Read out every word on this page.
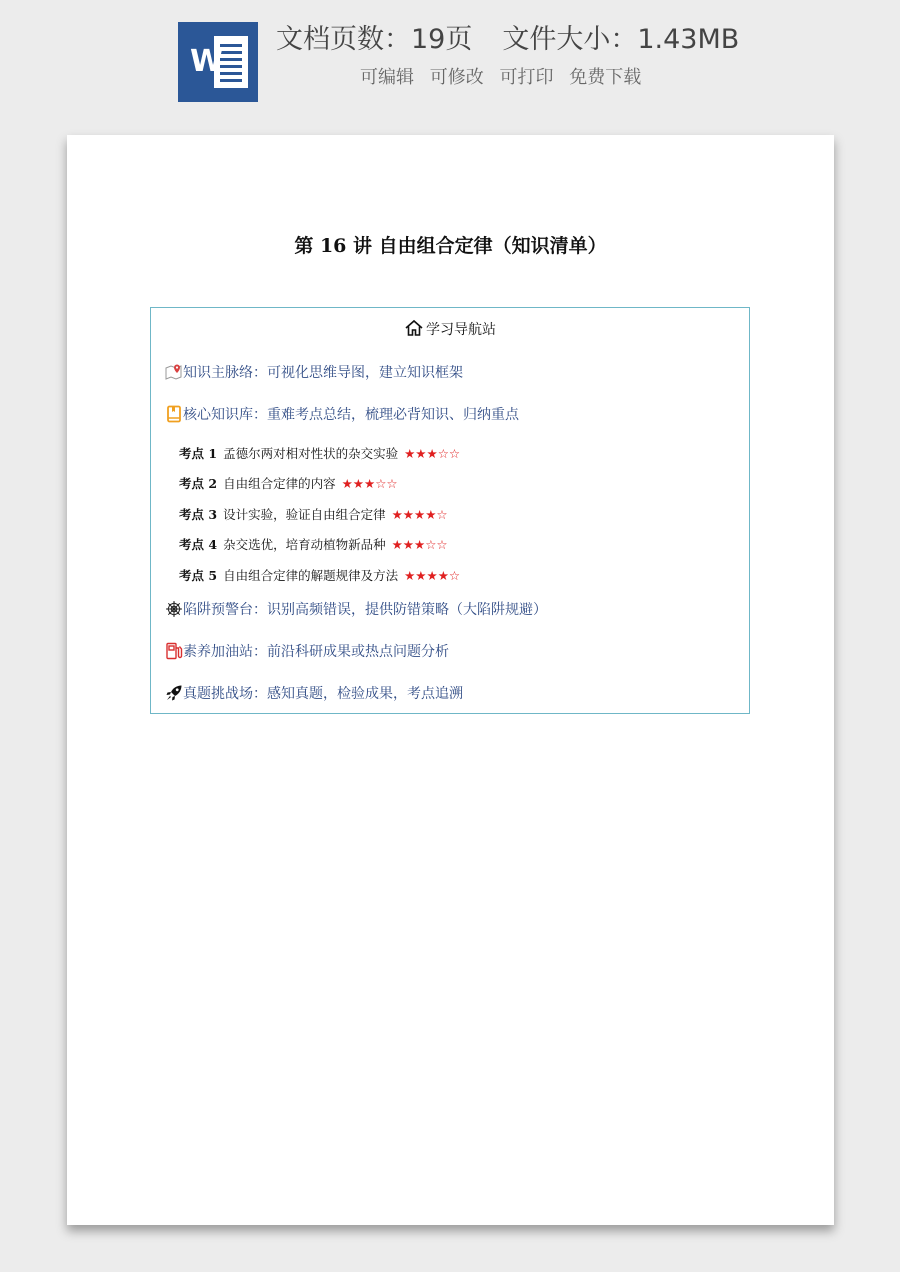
W
文档页数：19页 文件大小：1.43MB
可编辑 可修改 可打印 免费下载
第 16 讲 自由组合定律（知识清单）
学习导航站
知识主脉络：可视化思维导图，建立知识框架
核心知识库：重难考点总结，梳理必背知识、归纳重点
考点 1 孟德尔两对相对性状的杂交实验 ★★★☆☆
考点 2 自由组合定律的内容 ★★★☆☆
考点 3 设计实验，验证自由组合定律 ★★★★☆
考点 4 杂交选优，培育动植物新品种 ★★★☆☆
考点 5 自由组合定律的解题规律及方法 ★★★★☆
陷阱预警台：识别高频错误，提供防错策略（大陷阱规避）
素养加油站：前沿科研成果或热点问题分析
真题挑战场：感知真题，检验成果，考点追溯
